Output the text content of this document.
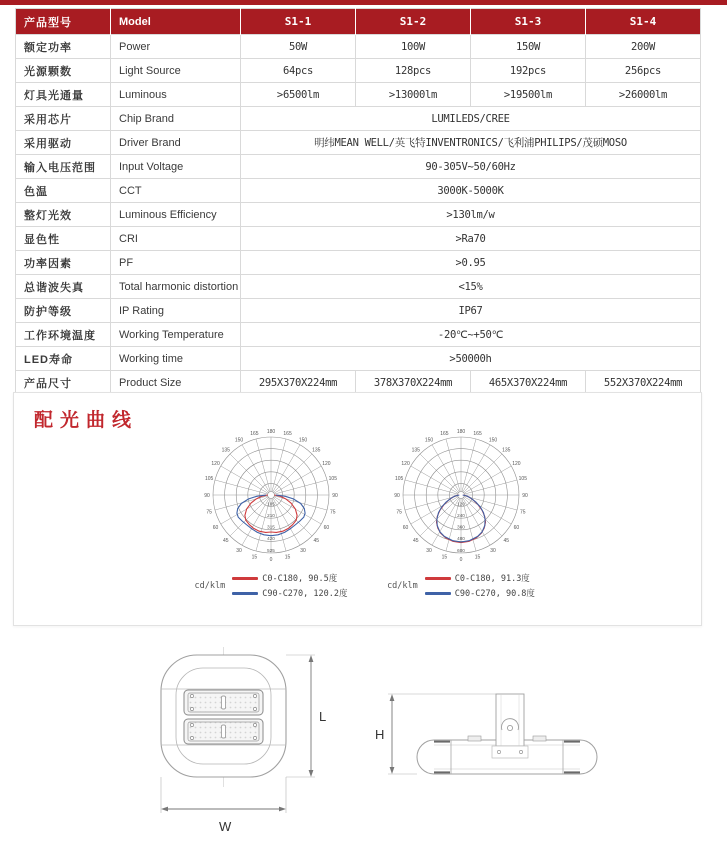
产品型号	Model	S1-1	S1-2	S1-3	S1-4
额定功率	Power	50W	100W	150W	200W
光源颗数	Light Source	64pcs	128pcs	192pcs	256pcs
灯具光通量	Luminous	>6500lm	>13000lm	>19500lm	>26000lm
采用芯片	Chip Brand	LUMILEDS/CREE			
采用驱动	Driver Brand	明纬MEAN WELL/英飞特INVENTRONICS/飞利浦PHILIPS/茂硕MOSO			
输入电压范围	Input Voltage	90-305V~50/60Hz			
色温	CCT	3000K-5000K			
整灯光效	Luminous Efficiency	>130lm/w			
显色性	CRI	>Ra70			
功率因素	PF	>0.95			
总谐波失真	Total harmonic distortion	<15%			
防护等级	IP Rating	IP67			
工作环境温度	Working Temperature	-20℃~+50℃			
LED寿命	Working time	>50000h			
产品尺寸	Product Size	295X370X224mm	378X370X224mm	465X370X224mm	552X370X224mm
配光曲线
0 15
30
45
60
75
90
105
120
135
150
165
180
165
150
135
120
105
90
75
60
45
30
15
105
210
315
420
525
cd/klm
C0-C180, 90.5度
C90-C270, 120.2度
0 15
30
45
60
75
90
105
120
135
150
165
180
165
150
135
120
105
90
75
60
45
30
15
120
240
360
480
600
cd/klm
C0-C180, 91.3度
C90-C270, 90.8度
L
W
H
